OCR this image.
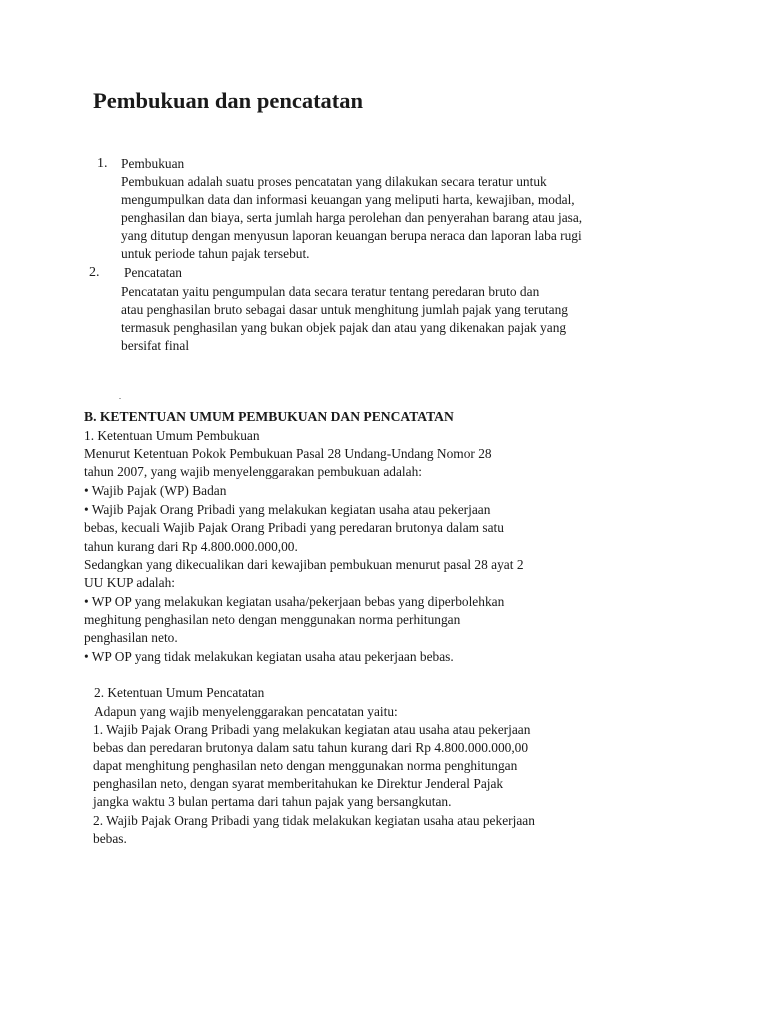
Pembukuan dan pencatatan
1. Pembukuan
Pembukuan adalah suatu proses pencatatan yang dilakukan secara teratur untuk
mengumpulkan data dan informasi keuangan yang meliputi harta, kewajiban, modal,
penghasilan dan biaya, serta jumlah harga perolehan dan penyerahan barang atau jasa,
yang ditutup dengan menyusun laporan keuangan berupa neraca dan laporan laba rugi
untuk periode tahun pajak tersebut.
2. Pencatatan
Pencatatan yaitu pengumpulan data secara teratur tentang peredaran bruto dan
atau penghasilan bruto sebagai dasar untuk menghitung jumlah pajak yang terutang
termasuk penghasilan yang bukan objek pajak dan atau yang dikenakan pajak yang
bersifat final
.
B. KETENTUAN UMUM PEMBUKUAN DAN PENCATATAN
1. Ketentuan Umum Pembukuan
Menurut Ketentuan Pokok Pembukuan Pasal 28 Undang-Undang Nomor 28
tahun 2007, yang wajib menyelenggarakan pembukuan adalah:
• Wajib Pajak (WP) Badan
• Wajib Pajak Orang Pribadi yang melakukan kegiatan usaha atau pekerjaan
bebas, kecuali Wajib Pajak Orang Pribadi yang peredaran brutonya dalam satu
tahun kurang dari Rp 4.800.000.000,00.
Sedangkan yang dikecualikan dari kewajiban pembukuan menurut pasal 28 ayat 2
UU KUP adalah:
• WP OP yang melakukan kegiatan usaha/pekerjaan bebas yang diperbolehkan
meghitung penghasilan neto dengan menggunakan norma perhitungan
penghasilan neto.
• WP OP yang tidak melakukan kegiatan usaha atau pekerjaan bebas.
2. Ketentuan Umum Pencatatan
Adapun yang wajib menyelenggarakan pencatatan yaitu:
1. Wajib Pajak Orang Pribadi yang melakukan kegiatan atau usaha atau pekerjaan
bebas dan peredaran brutonya dalam satu tahun kurang dari Rp 4.800.000.000,00
dapat menghitung penghasilan neto dengan menggunakan norma penghitungan
penghasilan neto, dengan syarat memberitahukan ke Direktur Jenderal Pajak
jangka waktu 3 bulan pertama dari tahun pajak yang bersangkutan.
2. Wajib Pajak Orang Pribadi yang tidak melakukan kegiatan usaha atau pekerjaan
bebas.
